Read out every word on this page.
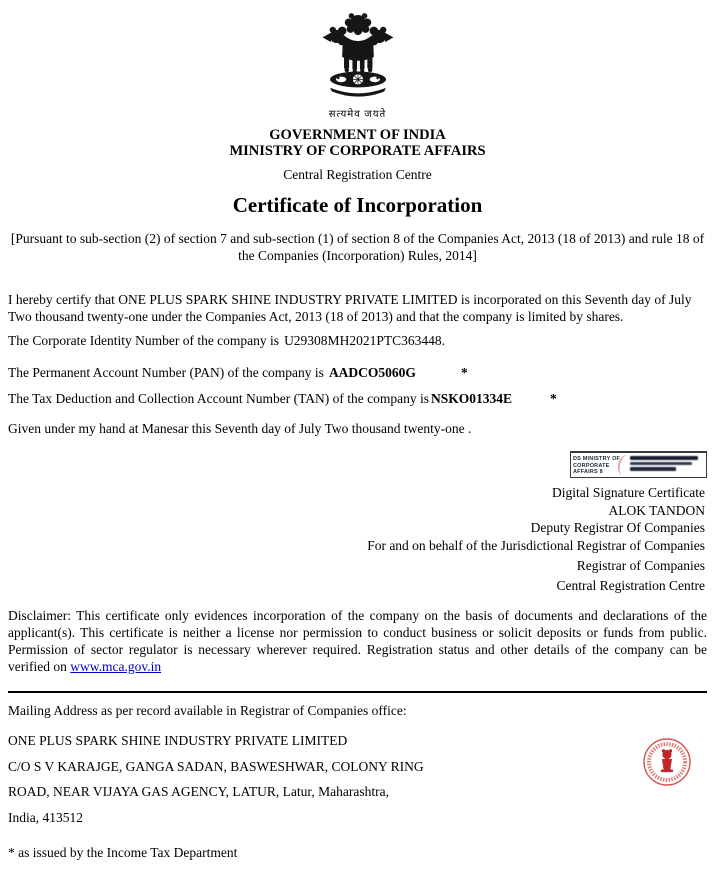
सत्यमेव जयते
GOVERNMENT OF INDIA
MINISTRY OF CORPORATE AFFAIRS
Central Registration Centre
Certificate of Incorporation
[Pursuant to sub-section (2) of section 7 and sub-section (1) of section 8 of the Companies Act, 2013 (18 of 2013) and rule 18 of the Companies (Incorporation) Rules, 2014]

I hereby certify that ONE PLUS SPARK SHINE INDUSTRY PRIVATE LIMITED is incorporated on this Seventh day of July Two thousand twenty-one under the Companies Act, 2013 (18 of 2013) and that the company is limited by shares.

The Corporate Identity Number of the company is U29308MH2021PTC363448.

The Permanent Account Number (PAN) of the company is AADCO5060G	*

The Tax Deduction and Collection Account Number (TAN) of the company is NSKO01334E	*

Given under my hand at Manesar this Seventh day of July Two thousand twenty-one .

DS MINISTRY OF CORPORATE AFFAIRS 8
Digital Signature Certificate
ALOK TANDON
Deputy Registrar Of Companies
For and on behalf of the Jurisdictional Registrar of Companies
Registrar of Companies
Central Registration Centre

Disclaimer: This certificate only evidences incorporation of the company on the basis of documents and declarations of the applicant(s). This certificate is neither a license nor permission to conduct business or solicit deposits or funds from public. Permission of sector regulator is necessary wherever required. Registration status and other details of the company can be verified on www.mca.gov.in

Mailing Address as per record available in Registrar of Companies office:
ONE PLUS SPARK SHINE INDUSTRY PRIVATE LIMITED
C/O S V KARAJGE, GANGA SADAN, BASWESHWAR, COLONY RING
ROAD, NEAR VIJAYA GAS AGENCY, LATUR, Latur, Maharashtra,
India, 413512
* as issued by the Income Tax Department
